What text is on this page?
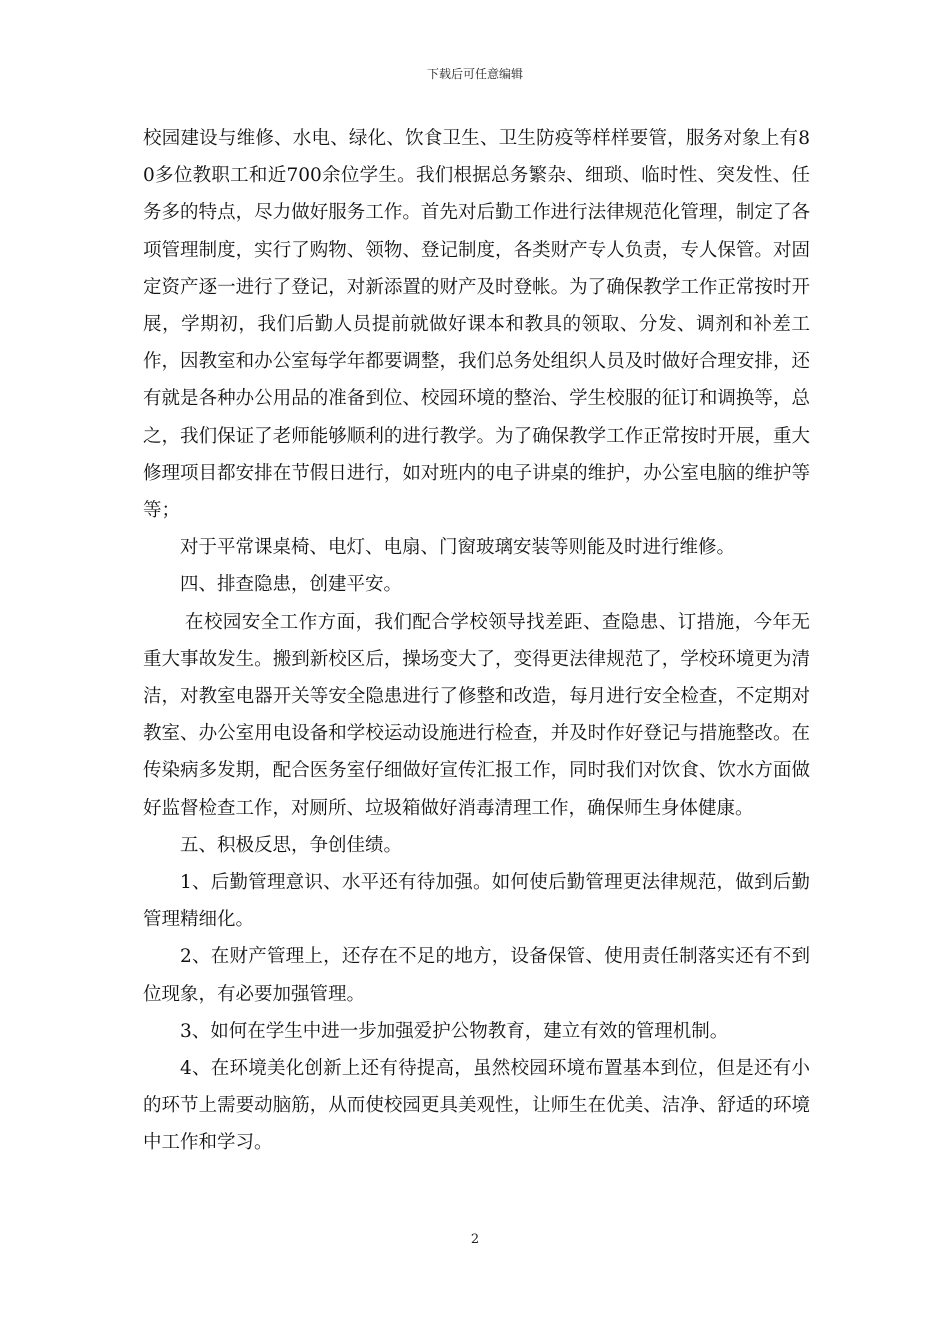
下载后可任意编辑

校园建设与维修、水电、绿化、饮食卫生、卫生防疫等样样要管，服务对象上有80多位教职工和近700余位学生。我们根据总务繁杂、细琐、临时性、突发性、任务多的特点，尽力做好服务工作。首先对后勤工作进行法律规范化管理，制定了各项管理制度，实行了购物、领物、登记制度，各类财产专人负责，专人保管。对固定资产逐一进行了登记，对新添置的财产及时登帐。为了确保教学工作正常按时开展，学期初，我们后勤人员提前就做好课本和教具的领取、分发、调剂和补差工作，因教室和办公室每学年都要调整，我们总务处组织人员及时做好合理安排，还有就是各种办公用品的准备到位、校园环境的整治、学生校服的征订和调换等，总之，我们保证了老师能够顺利的进行教学。为了确保教学工作正常按时开展，重大修理项目都安排在节假日进行，如对班内的电子讲桌的维护，办公室电脑的维护等等；

对于平常课桌椅、电灯、电扇、门窗玻璃安装等则能及时进行维修。

四、排查隐患，创建平安。

在校园安全工作方面，我们配合学校领导找差距、查隐患、订措施，今年无重大事故发生。搬到新校区后，操场变大了，变得更法律规范了，学校环境更为清洁，对教室电器开关等安全隐患进行了修整和改造，每月进行安全检查，不定期对教室、办公室用电设备和学校运动设施进行检查，并及时作好登记与措施整改。在传染病多发期，配合医务室仔细做好宣传汇报工作，同时我们对饮食、饮水方面做好监督检查工作，对厕所、垃圾箱做好消毒清理工作，确保师生身体健康。

五、积极反思，争创佳绩。

1、后勤管理意识、水平还有待加强。如何使后勤管理更法律规范，做到后勤管理精细化。

2、在财产管理上，还存在不足的地方，设备保管、使用责任制落实还有不到位现象，有必要加强管理。

3、如何在学生中进一步加强爱护公物教育，建立有效的管理机制。

4、在环境美化创新上还有待提高，虽然校园环境布置基本到位，但是还有小的环节上需要动脑筋，从而使校园更具美观性，让师生在优美、洁净、舒适的环境中工作和学习。

2
